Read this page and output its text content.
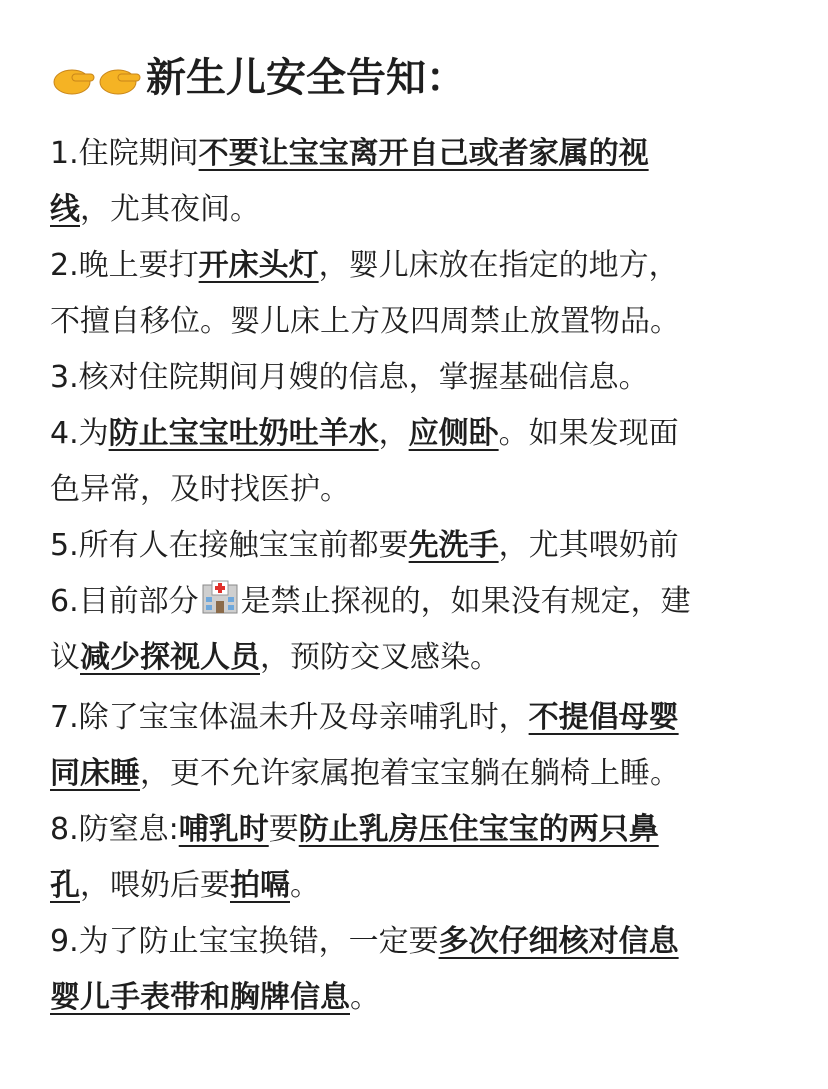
新生儿安全告知：
1.住院期间不要让宝宝离开自己或者家属的视
线，尤其夜间。
2.晚上要打开床头灯，婴儿床放在指定的地方，
不擅自移位。婴儿床上方及四周禁止放置物品。
3.核对住院期间月嫂的信息，掌握基础信息。
4.为防止宝宝吐奶吐羊水，应侧卧。如果发现面
色异常，及时找医护。
5.所有人在接触宝宝前都要先洗手，尤其喂奶前
6.目前部分 是禁止探视的，如果没有规定，建
议减少探视人员，预防交叉感染。
7.除了宝宝体温未升及母亲哺乳时，不提倡母婴
同床睡，更不允许家属抱着宝宝躺在躺椅上睡。
8.防窒息:哺乳时要防止乳房压住宝宝的两只鼻
孔，喂奶后要拍嗝。
9.为了防止宝宝换错，一定要多次仔细核对信息
婴儿手表带和胸牌信息。
